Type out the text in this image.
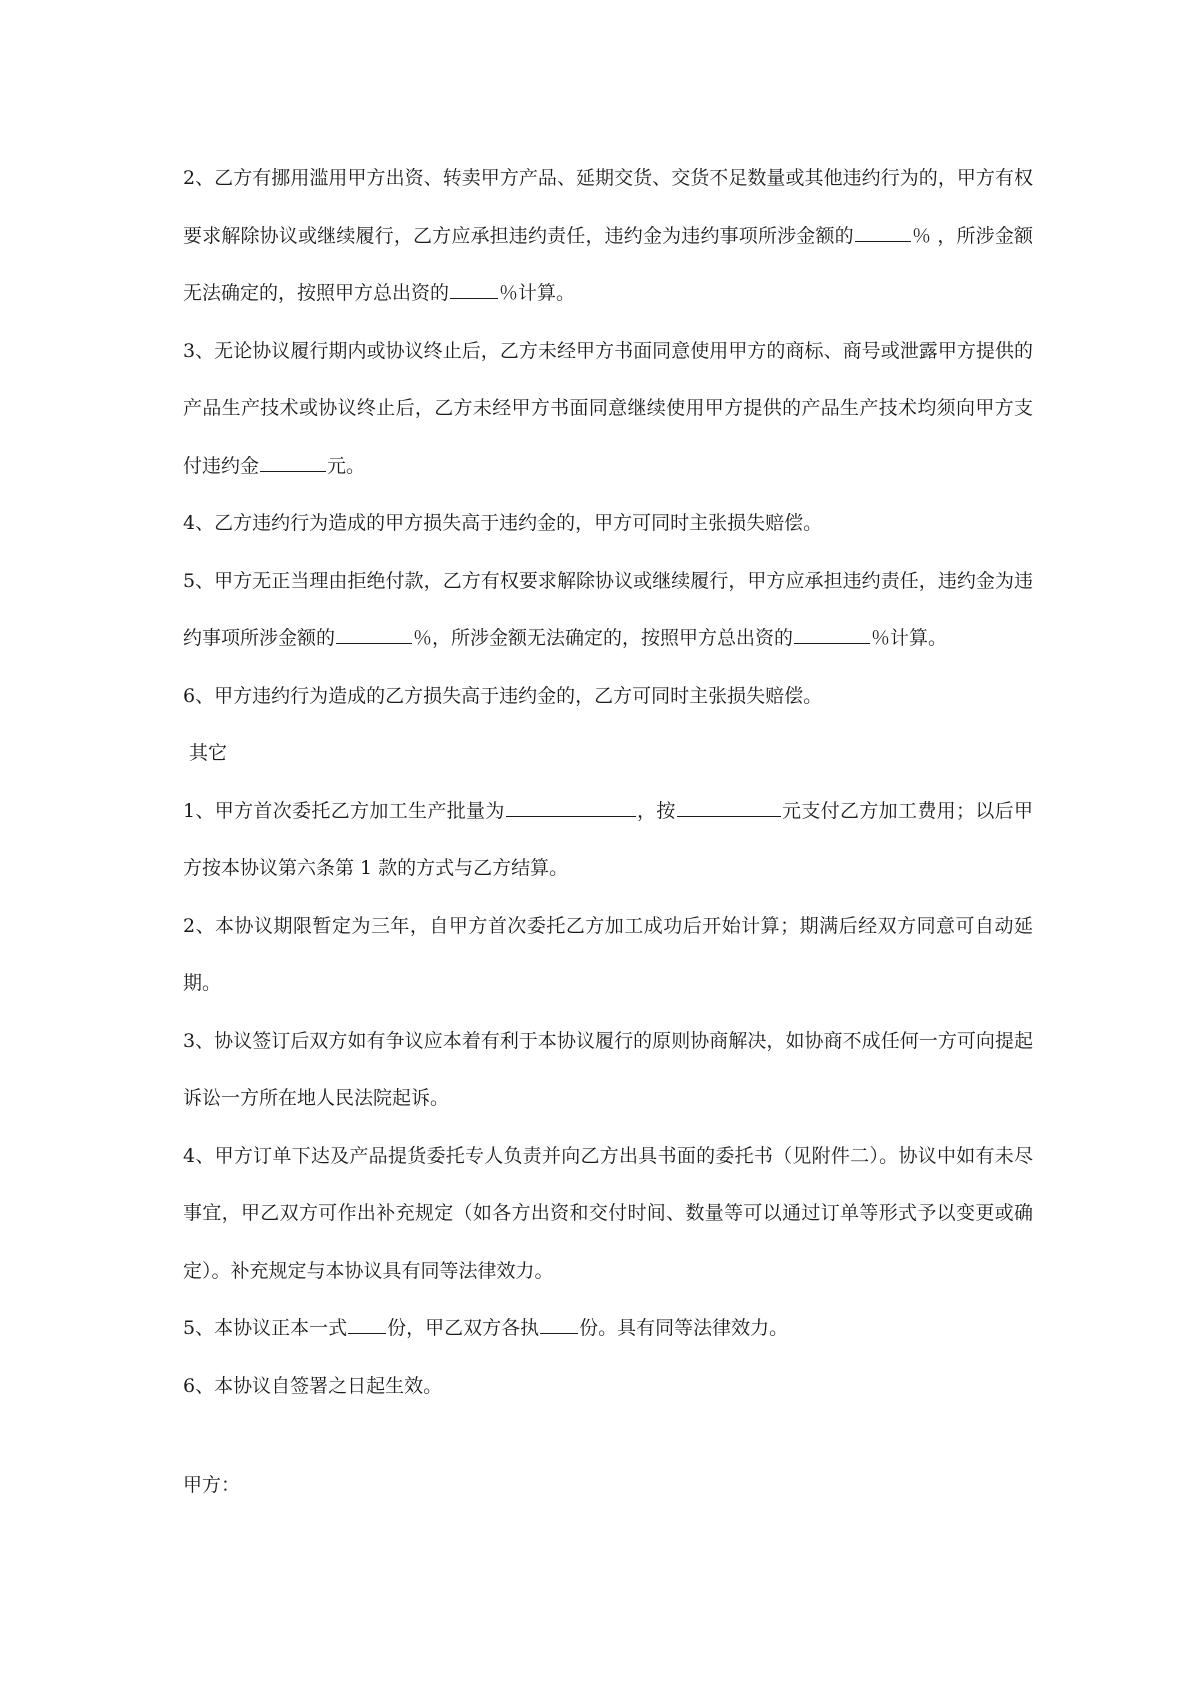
2、乙方有挪用滥用甲方出资、转卖甲方产品、延期交货、交货不足数量或其他违约行为的，甲方有权要求解除协议或继续履行，乙方应承担违约责任，违约金为违约事项所涉金额的	％ ，所涉金额无法确定的，按照甲方总出资的	％计算。

3、无论协议履行期内或协议终止后，乙方未经甲方书面同意使用甲方的商标、商号或泄露甲方提供的产品生产技术或协议终止后，乙方未经甲方书面同意继续使用甲方提供的产品生产技术均须向甲方支付违约金	元。

4、乙方违约行为造成的甲方损失高于违约金的，甲方可同时主张损失赔偿。

5、甲方无正当理由拒绝付款，乙方有权要求解除协议或继续履行，甲方应承担违约责任，违约金为违约事项所涉金额的	％，所涉金额无法确定的，按照甲方总出资的	％计算。

6、甲方违约行为造成的乙方损失高于违约金的，乙方可同时主张损失赔偿。

其它

1、甲方首次委托乙方加工生产批量为	，按	元支付乙方加工费用；以后甲方按本协议第六条第 1 款的方式与乙方结算。

2、本协议期限暂定为三年，自甲方首次委托乙方加工成功后开始计算；期满后经双方同意可自动延期。

3、协议签订后双方如有争议应本着有利于本协议履行的原则协商解决，如协商不成任何一方可向提起诉讼一方所在地人民法院起诉。

4、甲方订单下达及产品提货委托专人负责并向乙方出具书面的委托书（见附件二）。协议中如有未尽事宜，甲乙双方可作出补充规定（如各方出资和交付时间、数量等可以通过订单等形式予以变更或确定）。补充规定与本协议具有同等法律效力。

5、本协议正本一式 份，甲乙双方各执 份。具有同等法律效力。

6、本协议自签署之日起生效。

甲方：
